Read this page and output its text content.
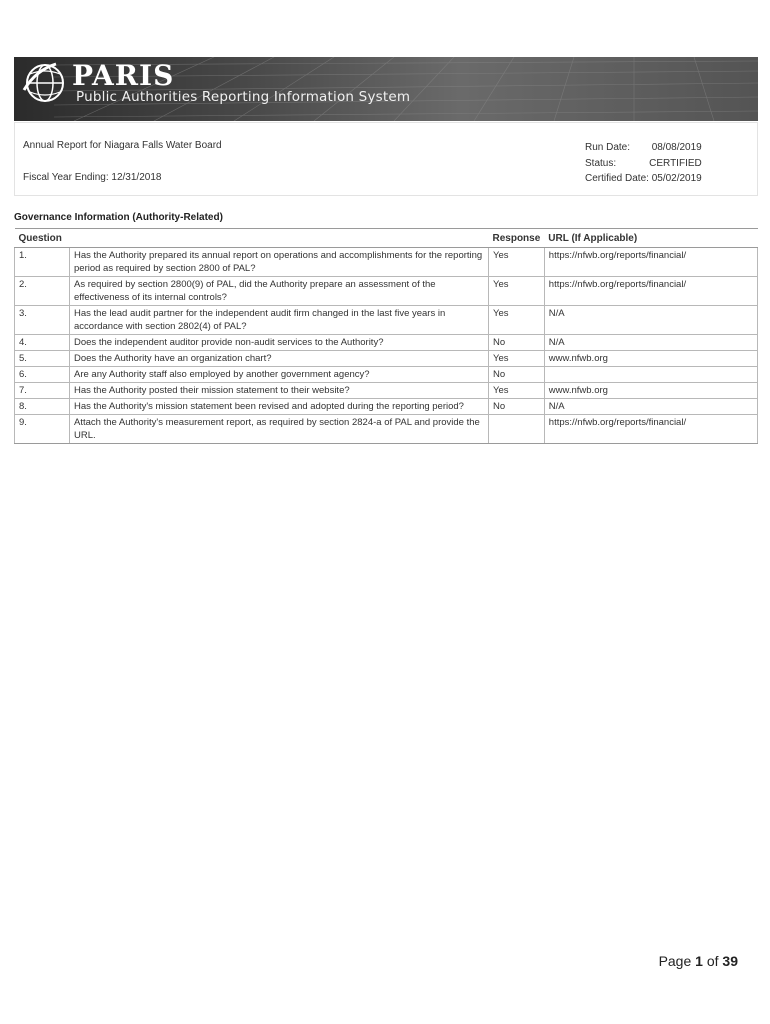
PARIS
Public Authorities Reporting Information System
Annual Report for Niagara Falls Water Board
Fiscal Year Ending: 12/31/2018
Run Date:	08/08/2019
Status:	CERTIFIED
Certified Date: 05/02/2019
Governance Information (Authority-Related)
Question		Response	URL (If Applicable)
1.	Has the Authority prepared its annual report on operations and accomplishments for the reporting period as required by section 2800 of PAL?	Yes	https://nfwb.org/reports/financial/
2.	As required by section 2800(9) of PAL, did the Authority prepare an assessment of the effectiveness of its internal controls?	Yes	https://nfwb.org/reports/financial/
3.	Has the lead audit partner for the independent audit firm changed in the last five years in accordance with section 2802(4) of PAL?	Yes	N/A
4.	Does the independent auditor provide non-audit services to the Authority?	No	N/A
5.	Does the Authority have an organization chart?	Yes	www.nfwb.org
6.	Are any Authority staff also employed by another government agency?	No	
7.	Has the Authority posted their mission statement to their website?	Yes	www.nfwb.org
8.	Has the Authority's mission statement been revised and adopted during the reporting period?	No	N/A
9.	Attach the Authority's measurement report, as required by section 2824-a of PAL and provide the URL.		https://nfwb.org/reports/financial/
Page 1 of 39
